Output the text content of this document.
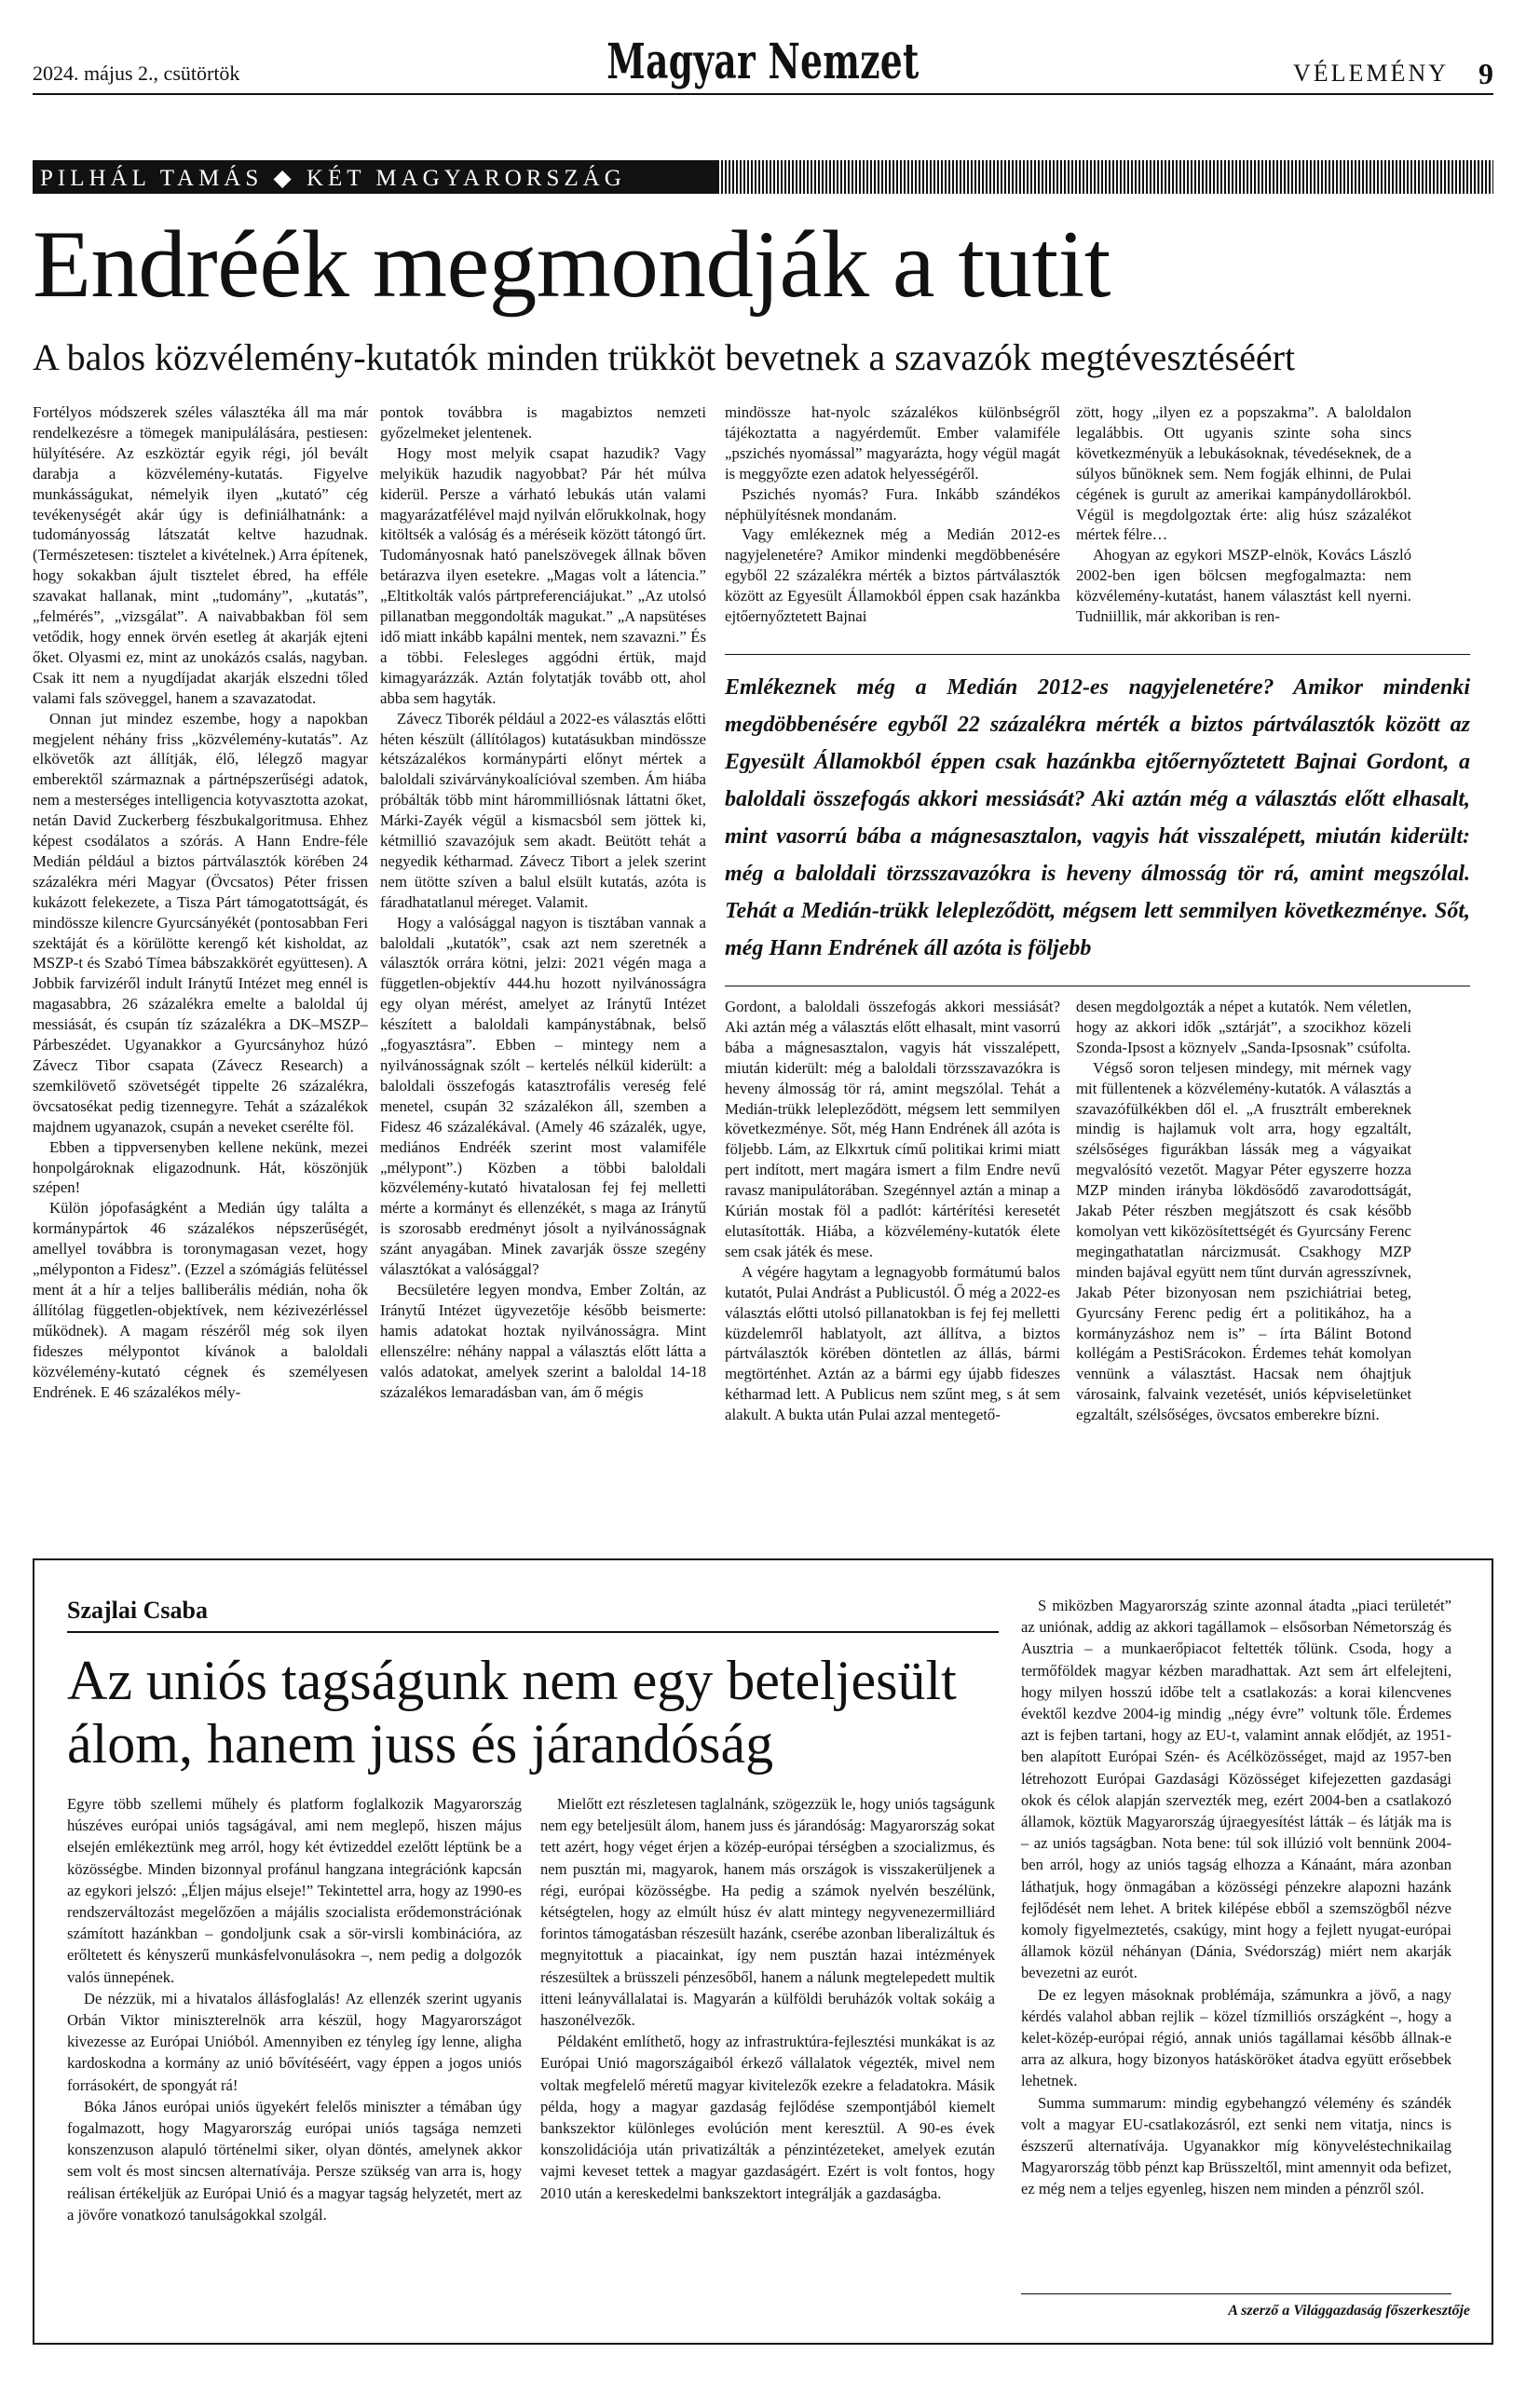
2024. május 2., csütörtök	Magyar Nemzet	VÉLEMÉNY 9
PILHÁL TAMÁS ◆ KÉT MAGYARORSZÁG
Endréék megmondják a tutit
A balos közvélemény-kutatók minden trükköt bevetnek a szavazók megtévesztéséért

Fortélyos módszerek széles választéka áll ma már rendelkezésre a tömegek manipulálására, pestiesen: hülyítésére. Az eszköztár egyik régi, jól bevált darabja a közvélemény-kutatás. Figyelve munkásságukat, némelyik ilyen „kutató” cég tevékenységét akár úgy is definiálhatnánk: a tudományosság látszatát keltve hazudnak. (Természetesen: tisztelet a kivételnek.) Arra építenek, hogy sokakban ájult tisztelet ébred, ha efféle szavakat hallanak, mint „tudomány”, „kutatás”, „felmérés”, „vizsgálat”. A naivabbakban föl sem vetődik, hogy ennek örvén esetleg át akarják ejteni őket. Olyasmi ez, mint az unokázós csalás, nagyban. Csak itt nem a nyugdíjadat akarják elszedni tőled valami fals szöveggel, hanem a szavazatodat.

Onnan jut mindez eszembe, hogy a napokban megjelent néhány friss „közvélemény-kutatás”. Az elkövetők azt állítják, élő, lélegző magyar emberektől származnak a pártnépszerűségi adatok, nem a mesterséges intelligencia kotyvasztotta azokat, netán David Zuckerberg fészbukalgoritmusa. Ehhez képest csodálatos a szórás. A Hann Endre-féle Medián például a biztos pártválasztók körében 24 százalékra méri Magyar (Övcsatos) Péter frissen kukázott felekezete, a Tisza Párt támogatottságát, és mindössze kilencre Gyurcsányékét (pontosabban Feri szektáját és a körülötte kerengő két kisholdat, az MSZP-t és Szabó Tímea bábszakkörét együttesen). A Jobbik farvizéről indult Iránytű Intézet meg ennél is magasabbra, 26 százalékra emelte a baloldal új messiását, és csupán tíz százalékra a DK–MSZP–Párbeszédet. Ugyanakkor a Gyurcsányhoz húzó Závecz Tibor csapata (Závecz Research) a szemkilövető szövetségét tippelte 26 százalékra, övcsatosékat pedig tizennegyre. Tehát a százalékok majdnem ugyanazok, csupán a neveket cserélte föl.

Ebben a tippversenyben kellene nekünk, mezei honpolgároknak eligazodnunk. Hát, köszönjük szépen!

Külön jópofaságként a Medián úgy találta a kormánypártok 46 százalékos népszerűségét, amellyel továbbra is toronymagasan vezet, hogy „mélyponton a Fidesz”. (Ezzel a szómágiás felütéssel ment át a hír a teljes balliberális médián, noha ők állítólag független-objektívek, nem kézivezérléssel működnek). A magam részéről még sok ilyen fideszes mélypontot kívánok a baloldali közvélemény-kutató cégnek és személyesen Endrének. E 46 százalékos mély-

pontok továbbra is magabiztos nemzeti győzelmeket jelentenek.

Hogy most melyik csapat hazudik? Vagy melyikük hazudik nagyobbat? Pár hét múlva kiderül. Persze a várható lebukás után valami magyarázatfélével majd nyilván előrukkolnak, hogy kitöltsék a valóság és a méréseik között tátongó űrt. Tudományosnak ható panelszövegek állnak bőven betárazva ilyen esetekre. „Magas volt a látencia.” „Eltitkolták valós pártpreferenciájukat.” „Az utolsó pillanatban meggondolták magukat.” „A napsütéses idő miatt inkább kapálni mentek, nem szavazni.” És a többi. Felesleges aggódni értük, majd kimagyarázzák. Aztán folytatják tovább ott, ahol abba sem hagyták.

Závecz Tiborék például a 2022-es választás előtti héten készült (állítólagos) kutatásukban mindössze kétszázalékos kormánypárti előnyt mértek a baloldali szivárványkoalícióval szemben. Ám hiába próbálták több mint hárommilliósnak láttatni őket, Márki-Zayék végül a kismacsból sem jöttek ki, kétmillió szavazójuk sem akadt. Beütött tehát a negyedik kétharmad. Závecz Tibort a jelek szerint nem ütötte szíven a balul elsült kutatás, azóta is fáradhatatlanul méreget. Valamit.

Hogy a valósággal nagyon is tisztában vannak a baloldali „kutatók”, csak azt nem szeretnék a választók orrára kötni, jelzi: 2021 végén maga a független-objektív 444.hu hozott nyilvánosságra egy olyan mérést, amelyet az Iránytű Intézet készített a baloldali kampánystábnak, belső „fogyasztásra”. Ebben – mintegy nem a nyilvánosságnak szólt – kertelés nélkül kiderült: a baloldali összefogás katasztrofális vereség felé menetel, csupán 32 százalékon áll, szemben a Fidesz 46 százalékával. (Amely 46 százalék, ugye, mediános Endréék szerint most valamiféle „mélypont”.) Közben a többi baloldali közvélemény-kutató hivatalosan fej fej melletti mérte a kormányt és ellenzékét, s maga az Iránytű is szorosabb eredményt jósolt a nyilvánosságnak szánt anyagában. Minek zavarják össze szegény választókat a valósággal?

Becsületére legyen mondva, Ember Zoltán, az Iránytű Intézet ügyvezetője később beismerte: hamis adatokat hoztak nyilvánosságra. Mint ellenszélre: néhány nappal a választás előtt látta a valós adatokat, amelyek szerint a baloldal 14-18 százalékos lemaradásban van, ám ő mégis

mindössze hat-nyolc százalékos különbségről tájékoztatta a nagyérdeműt. Ember valamiféle „pszichés nyomással” magyarázta, hogy végül magát is meggyőzte ezen adatok helyességéről.

Pszichés nyomás? Fura. Inkább szándékos néphülyítésnek mondanám.

Vagy emlékeznek még a Medián 2012-es nagyjelenetére? Amikor mindenki megdöbbenésére egyből 22 százalékra mérték a biztos pártválasztók között az Egyesült Államokból éppen csak hazánkba ejtőernyőztetett Bajnai

zött, hogy „ilyen ez a popszakma”. A baloldalon legalábbis. Ott ugyanis szinte soha sincs következményük a lebukásoknak, tévedéseknek, de a súlyos bűnöknek sem. Nem fogják elhinni, de Pulai cégének is gurult az amerikai kampánydollárokból. Végül is megdolgoztak érte: alig húsz százalékot mértek félre…

Ahogyan az egykori MSZP-elnök, Kovács László 2002-ben igen bölcsen megfogalmazta: nem közvélemény-kutatást, hanem választást kell nyerni. Tudniillik, már akkoriban is ren-

Emlékeznek még a Medián 2012-es nagyjelenetére? Amikor mindenki megdöbbenésére egyből 22 százalékra mérték a biztos pártválasztók között az Egyesült Államokból éppen csak hazánkba ejtőernyőztetett Bajnai Gordont, a baloldali összefogás akkori messiását? Aki aztán még a választás előtt elhasalt, mint vasorrú bába a mágnesasztalon, vagyis hát visszalépett, miután kiderült: még a baloldali törzsszavazókra is heveny álmosság tör rá, amint megszólal. Tehát a Medián-trükk lelepleződött, mégsem lett semmilyen következménye. Sőt, még Hann Endrének áll azóta is följebb

Gordont, a baloldali összefogás akkori messiását? Aki aztán még a választás előtt elhasalt, mint vasorrú bába a mágnesasztalon, vagyis hát visszalépett, miután kiderült: még a baloldali törzsszavazókra is heveny álmosság tör rá, amint megszólal. Tehát a Medián-trükk lelepleződött, mégsem lett semmilyen következménye. Sőt, még Hann Endrének áll azóta is följebb. Lám, az Elkxrtuk című politikai krimi miatt pert indított, mert magára ismert a film Endre nevű ravasz manipulátorában. Szegénnyel aztán a minap a Kúrián mostak föl a padlót: kártérítési keresetét elutasították. Hiába, a közvélemény-kutatók élete sem csak játék és mese.

A végére hagytam a legnagyobb formátumú balos kutatót, Pulai Andrást a Publicustól. Ő még a 2022-es választás előtti utolsó pillanatokban is fej fej melletti küzdelemről hablatyolt, azt állítva, a biztos pártválasztók körében döntetlen az állás, bármi megtörténhet. Aztán az a bármi egy újabb fideszes kétharmad lett. A Publicus nem szűnt meg, s át sem alakult. A bukta után Pulai azzal mentegető-

desen megdolgozták a népet a kutatók. Nem véletlen, hogy az akkori idők „sztárját”, a szocikhoz közeli Szonda-Ipsost a köznyelv „Sanda-Ipsosnak” csúfolta.

Végső soron teljesen mindegy, mit mérnek vagy mit füllentenek a közvélemény-kutatók. A választás a szavazófülkékben dől el. „A frusztrált embereknek mindig is hajlamuk volt arra, hogy egzaltált, szélsőséges figurákban lássák meg a vágyaikat megvalósító vezetőt. Magyar Péter egyszerre hozza MZP minden irányba lökdösődő zavarodottságát, Jakab Péter részben megjátszott és csak később komolyan vett kiközösítettségét és Gyurcsány Ferenc megingathatatlan nárcizmusát. Csakhogy MZP minden bajával együtt nem tűnt durván agresszívnek, Jakab Péter bizonyosan nem pszichiátriai beteg, Gyurcsány Ferenc pedig ért a politikához, ha a kormányzáshoz nem is” – írta Bálint Botond kollégám a PestiSrácokon. Érdemes tehát komolyan vennünk a választást. Hacsak nem óhajtjuk városaink, falvaink vezetését, uniós képviseletünket egzaltált, szélsőséges, övcsatos emberekre bízni.

Szajlai Csaba
Az uniós tagságunk nem egy beteljesült
álom, hanem juss és járandóság

Egyre több szellemi műhely és platform foglalkozik Magyarország húszéves európai uniós tagságával, ami nem meglepő, hiszen május elsején emlékeztünk meg arról, hogy két évtizeddel ezelőtt léptünk be a közösségbe. Minden bizonnyal profánul hangzana integrációnk kapcsán az egykori jelszó: „Éljen május elseje!” Tekintettel arra, hogy az 1990-es rendszerváltozást megelőzően a májális szocialista erődemonstrációnak számított hazánkban – gondoljunk csak a sör-virsli kombinációra, az erőltetett és kényszerű munkásfelvonulásokra –, nem pedig a dolgozók valós ünnepének.

De nézzük, mi a hivatalos állásfoglalás! Az ellenzék szerint ugyanis Orbán Viktor miniszterelnök arra készül, hogy Magyarországot kivezesse az Európai Unióból. Amennyiben ez tényleg így lenne, aligha kardoskodna a kormány az unió bővítéséért, vagy éppen a jogos uniós forrásokért, de spongyát rá!

Bóka János európai uniós ügyekért felelős miniszter a témában úgy fogalmazott, hogy Magyarország európai uniós tagsága nemzeti konszenzuson alapuló történelmi siker, olyan döntés, amelynek akkor sem volt és most sincsen alternatívája. Persze szükség van arra is, hogy reálisan értékeljük az Európai Unió és a magyar tagság helyzetét, mert az a jövőre vonatkozó tanulságokkal szolgál.

Mielőtt ezt részletesen taglalnánk, szögezzük le, hogy uniós tagságunk nem egy beteljesült álom, hanem juss és járandóság: Magyarország sokat tett azért, hogy véget érjen a közép-európai térségben a szocializmus, és nem pusztán mi, magyarok, hanem más országok is visszakerüljenek a régi, európai közösségbe. Ha pedig a számok nyelvén beszélünk, kétségtelen, hogy az elmúlt húsz év alatt mintegy negyvenezermilliárd forintos támogatásban részesült hazánk, cserébe azonban liberalizáltuk és megnyitottuk a piacainkat, így nem pusztán hazai intézmények részesültek a brüsszeli pénzesőből, hanem a nálunk megtelepedett multik itteni leányvállalatai is. Magyarán a külföldi beruházók voltak sokáig a haszonélvezők.

Példaként említhető, hogy az infrastruktúra-fejlesztési munkákat is az Európai Unió magországaiból érkező vállalatok végezték, mivel nem voltak megfelelő méretű magyar kivitelezők ezekre a feladatokra. Másik példa, hogy a magyar gazdaság fejlődése szempontjából kiemelt bankszektor különleges evolúción ment keresztül. A 90-es évek konszolidációja után privatizálták a pénzintézeteket, amelyek ezután vajmi keveset tettek a magyar gazdaságért. Ezért is volt fontos, hogy 2010 után a kereskedelmi bankszektort integrálják a gazdaságba.

S miközben Magyarország szinte azonnal átadta „piaci területét” az uniónak, addig az akkori tagállamok – elsősorban Németország és Ausztria – a munkaerőpiacot feltették tőlünk. Csoda, hogy a termőföldek magyar kézben maradhattak. Azt sem árt elfelejteni, hogy milyen hosszú időbe telt a csatlakozás: a korai kilencvenes évektől kezdve 2004-ig mindig „négy évre” voltunk tőle. Érdemes azt is fejben tartani, hogy az EU-t, valamint annak elődjét, az 1951-ben alapított Európai Szén- és Acélközösséget, majd az 1957-ben létrehozott Európai Gazdasági Közösséget kifejezetten gazdasági okok és célok alapján szervezték meg, ezért 2004-ben a csatlakozó államok, köztük Magyarország újraegyesítést látták – és látják ma is – az uniós tagságban. Nota bene: túl sok illúzió volt bennünk 2004-ben arról, hogy az uniós tagság elhozza a Kánaánt, mára azonban láthatjuk, hogy önmagában a közösségi pénzekre alapozni hazánk fejlődését nem lehet. A britek kilépése ebből a szemszögből nézve komoly figyelmeztetés, csakúgy, mint hogy a fejlett nyugat-európai államok közül néhányan (Dánia, Svédország) miért nem akarják bevezetni az eurót.

De ez legyen másoknak problémája, számunkra a jövő, a nagy kérdés valahol abban rejlik – közel tízmilliós országként –, hogy a kelet-közép-európai régió, annak uniós tagállamai később állnak-e arra az alkura, hogy bizonyos hatásköröket átadva együtt erősebbek lehetnek.

Summa summarum: mindig egybehangzó vélemény és szándék volt a magyar EU-csatlakozásról, ezt senki nem vitatja, nincs is észszerű alternatívája. Ugyanakkor míg könyveléstechnikailag Magyarország több pénzt kap Brüsszeltől, mint amennyit oda befizet, ez még nem a teljes egyenleg, hiszen nem minden a pénzről szól.

A szerző a Világgazdaság főszerkesztője
